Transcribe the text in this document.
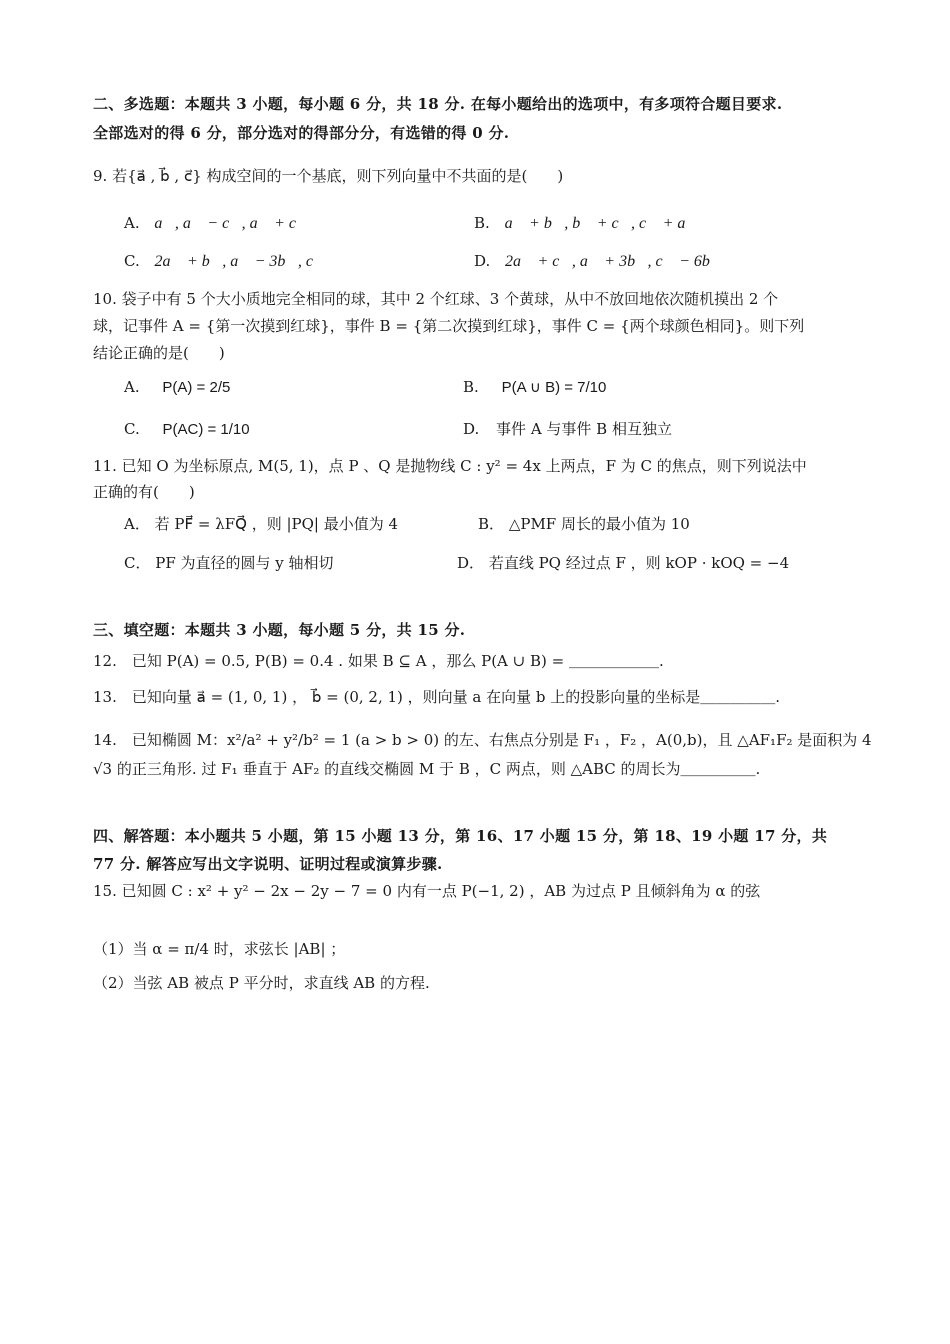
二、多选题：本题共 3 小题，每小题 6 分，共 18 分. 在每小题给出的选项中，有多项符合题目要求.
全部选对的得 6 分，部分选对的得部分分，有选错的得 0 分.
9. 若{a⃗ , b⃗ , c⃗} 构成空间的一个基底，则下列向量中不共面的是(　　)
A. a⃗, a⃗ − c⃗, a⃗ + c⃗	B. a⃗ + b⃗, b⃗ + c⃗, c⃗ + a⃗
C. 2a⃗ + b⃗, a⃗ − 3b⃗, c⃗	D. 2a⃗ + c⃗, a⃗ + 3b⃗, c⃗ − 6b⃗
10. 袋子中有 5 个大小质地完全相同的球，其中 2 个红球、3 个黄球，从中不放回地依次随机摸出 2 个
球，记事件 A = {第一次摸到红球}，事件 B = {第二次摸到红球}，事件 C = {两个球颜色相同}。则下列
结论正确的是(　　)
A. P(A) = 2/5	B. P(A ∪ B) = 7/10
C. P(AC) = 1/10	D. 事件 A 与事件 B 相互独立
11. 已知 O 为坐标原点, M(5, 1)，点 P 、Q 是抛物线 C : y² = 4x 上两点，F 为 C 的焦点，则下列说法中
正确的有(　　)
A． 若 PF⃗ = λFQ⃗ ，则 |PQ| 最小值为 4	B． △PMF 周长的最小值为 10
C． PF 为直径的圆与 y 轴相切	D． 若直线 PQ 经过点 F ，则 kOP · kOQ = −4
三、填空题：本题共 3 小题，每小题 5 分，共 15 分.
12.　已知 P(A) = 0.5, P(B) = 0.4 . 如果 B ⊆ A ，那么 P(A ∪ B) = ＿＿＿＿＿＿.
13.　已知向量 a⃗ = (1, 0, 1) ， b⃗ = (0, 2, 1) ，则向量 a 在向量 b 上的投影向量的坐标是＿＿＿＿＿.
14.　已知椭圆 M：x²/a² + y²/b² = 1 (a > b > 0) 的左、右焦点分别是 F₁ ，F₂ ，A(0,b)，且 △AF₁F₂ 是面积为 4
√3 的正三角形. 过 F₁ 垂直于 AF₂ 的直线交椭圆 M 于 B ，C 两点，则 △ABC 的周长为＿＿＿＿＿.
四、解答题：本小题共 5 小题，第 15 小题 13 分，第 16、17 小题 15 分，第 18、19 小题 17 分，共
77 分. 解答应写出文字说明、证明过程或演算步骤.
15. 已知圆 C : x² + y² − 2x − 2y − 7 = 0 内有一点 P(−1, 2) ，AB 为过点 P 且倾斜角为 α 的弦
（1）当 α = π/4 时，求弦长 |AB| ；
（2）当弦 AB 被点 P 平分时，求直线 AB 的方程.
